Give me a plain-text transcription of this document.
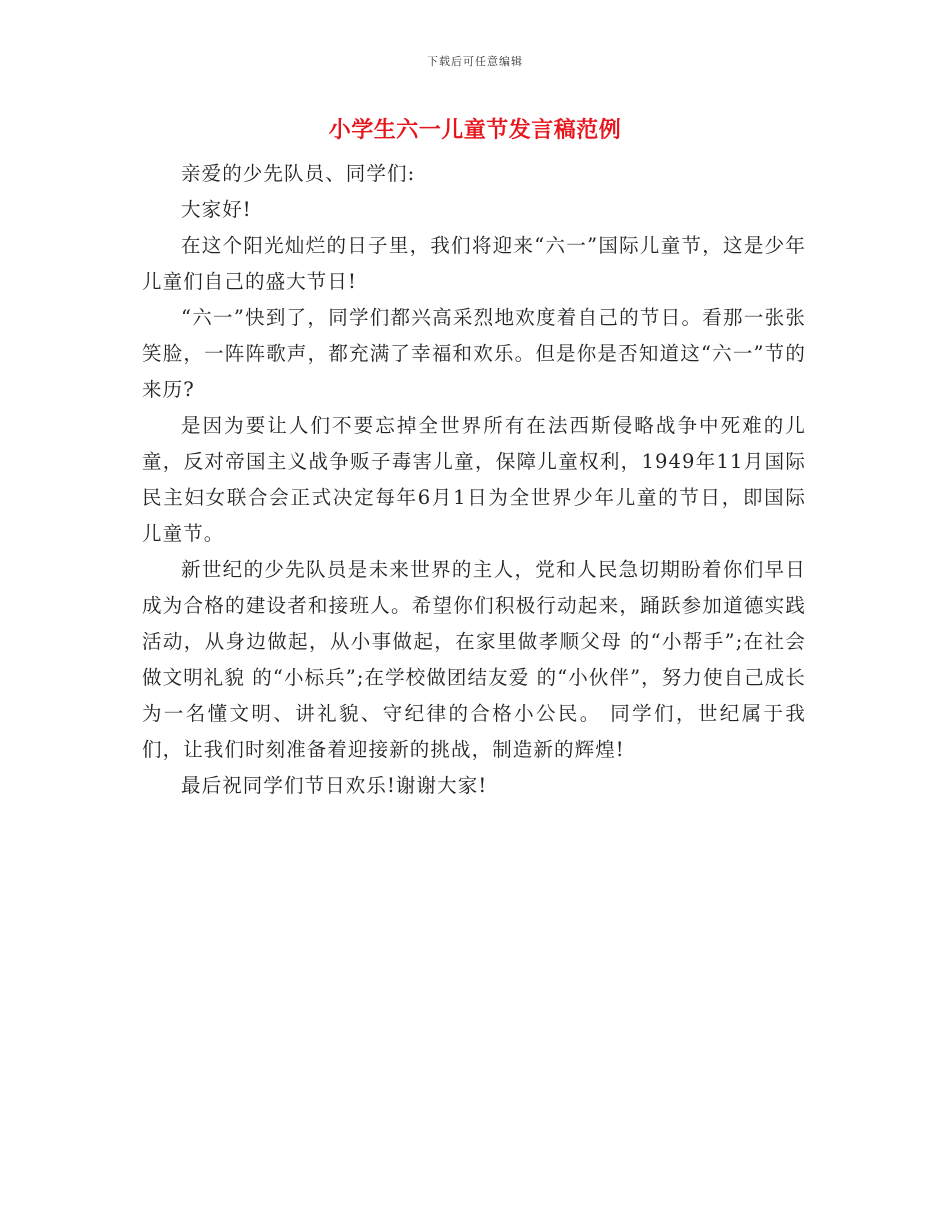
下载后可任意编辑
小学生六一儿童节发言稿范例

亲爱的少先队员、同学们:

大家好!

在这个阳光灿烂的日子里，我们将迎来“六一”国际儿童节，这是少年儿童们自己的盛大节日!

“六一”快到了，同学们都兴高采烈地欢度着自己的节日。看那一张张笑脸，一阵阵歌声，都充满了幸福和欢乐。但是你是否知道这“六一”节的来历?

是因为要让人们不要忘掉全世界所有在法西斯侵略战争中死难的儿童，反对帝国主义战争贩子毒害儿童，保障儿童权利，1949年11月国际民主妇女联合会正式决定每年6月1日为全世界少年儿童的节日，即国际儿童节。

新世纪的少先队员是未来世界的主人，党和人民急切期盼着你们早日成为合格的建设者和接班人。希望你们积极行动起来，踊跃参加道德实践活动，从身边做起，从小事做起，在家里做孝顺父母 的“小帮手”;在社会做文明礼貌 的“小标兵”;在学校做团结友爱 的“小伙伴”，努力使自己成长为一名懂文明、讲礼貌、守纪律的合格小公民。 同学们，世纪属于我们，让我们时刻准备着迎接新的挑战，制造新的辉煌!

最后祝同学们节日欢乐!谢谢大家!
